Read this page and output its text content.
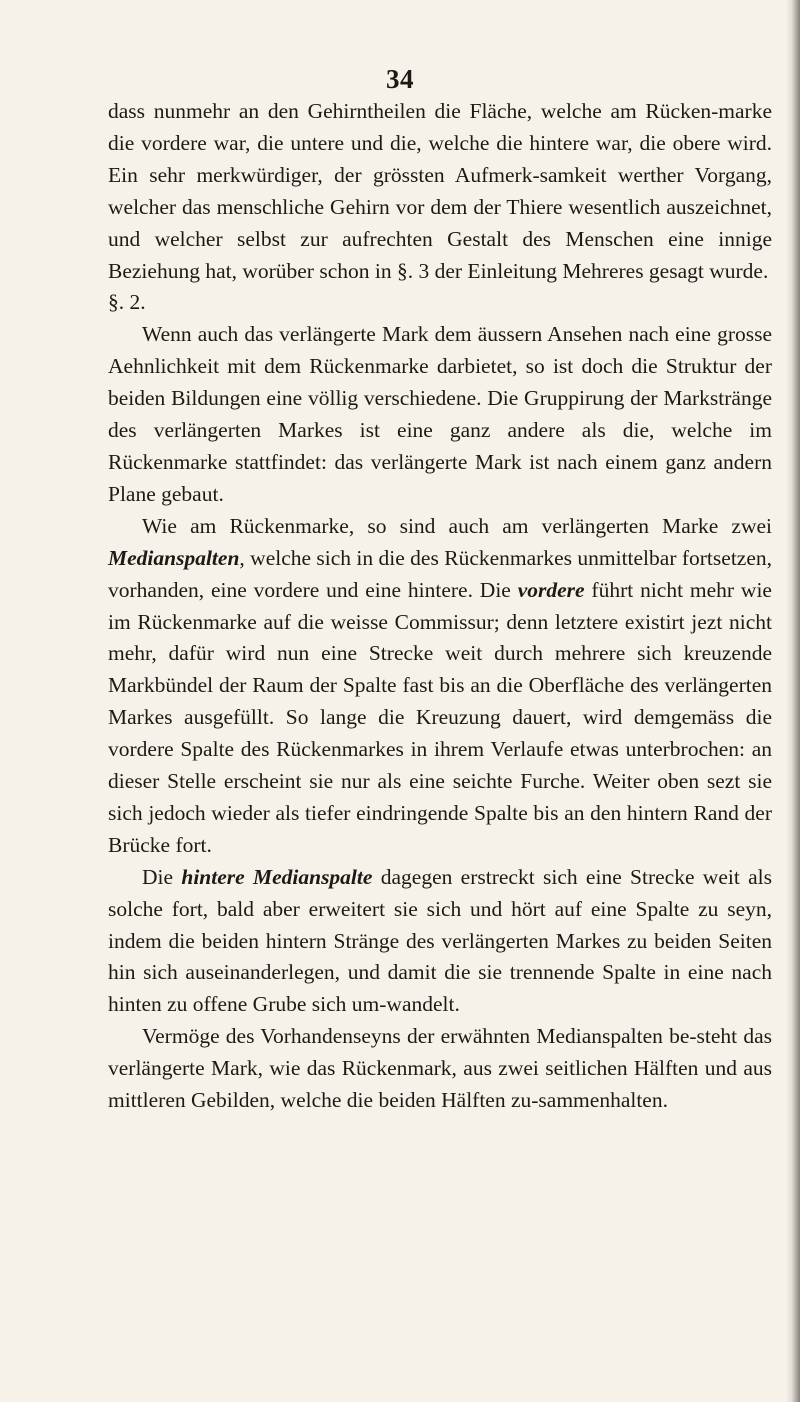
34

dass nunmehr an den Gehirntheilen die Fläche, welche am Rücken-marke die vordere war, die untere und die, welche die hintere war, die obere wird. Ein sehr merkwürdiger, der grössten Aufmerk-samkeit werther Vorgang, welcher das menschliche Gehirn vor dem der Thiere wesentlich auszeichnet, und welcher selbst zur aufrechten Gestalt des Menschen eine innige Beziehung hat, worüber schon in §. 3 der Einleitung Mehreres gesagt wurde.

§. 2.

Wenn auch das verlängerte Mark dem äussern Ansehen nach eine grosse Aehnlichkeit mit dem Rückenmarke darbietet, so ist doch die Struktur der beiden Bildungen eine völlig verschiedene. Die Gruppirung der Markstränge des verlängerten Markes ist eine ganz andere als die, welche im Rückenmarke stattfindet: das verlängerte Mark ist nach einem ganz andern Plane gebaut.

Wie am Rückenmarke, so sind auch am verlängerten Marke zwei Medianspalten, welche sich in die des Rückenmarkes unmittelbar fortsetzen, vorhanden, eine vordere und eine hintere. Die vordere führt nicht mehr wie im Rückenmarke auf die weisse Commissur; denn letztere existirt jezt nicht mehr, dafür wird nun eine Strecke weit durch mehrere sich kreuzende Markbündel der Raum der Spalte fast bis an die Oberfläche des verlängerten Markes ausgefüllt. So lange die Kreuzung dauert, wird demgemäss die vordere Spalte des Rückenmarkes in ihrem Verlaufe etwas unterbrochen: an dieser Stelle erscheint sie nur als eine seichte Furche. Weiter oben sezt sie sich jedoch wieder als tiefer eindringende Spalte bis an den hintern Rand der Brücke fort.

Die hintere Medianspalte dagegen erstreckt sich eine Strecke weit als solche fort, bald aber erweitert sie sich und hört auf eine Spalte zu seyn, indem die beiden hintern Stränge des verlängerten Markes zu beiden Seiten hin sich auseinanderlegen, und damit die sie trennende Spalte in eine nach hinten zu offene Grube sich um-wandelt.

Vermöge des Vorhandenseyns der erwähnten Medianspalten be-steht das verlängerte Mark, wie das Rückenmark, aus zwei seitlichen Hälften und aus mittleren Gebilden, welche die beiden Hälften zu-sammenhalten.
